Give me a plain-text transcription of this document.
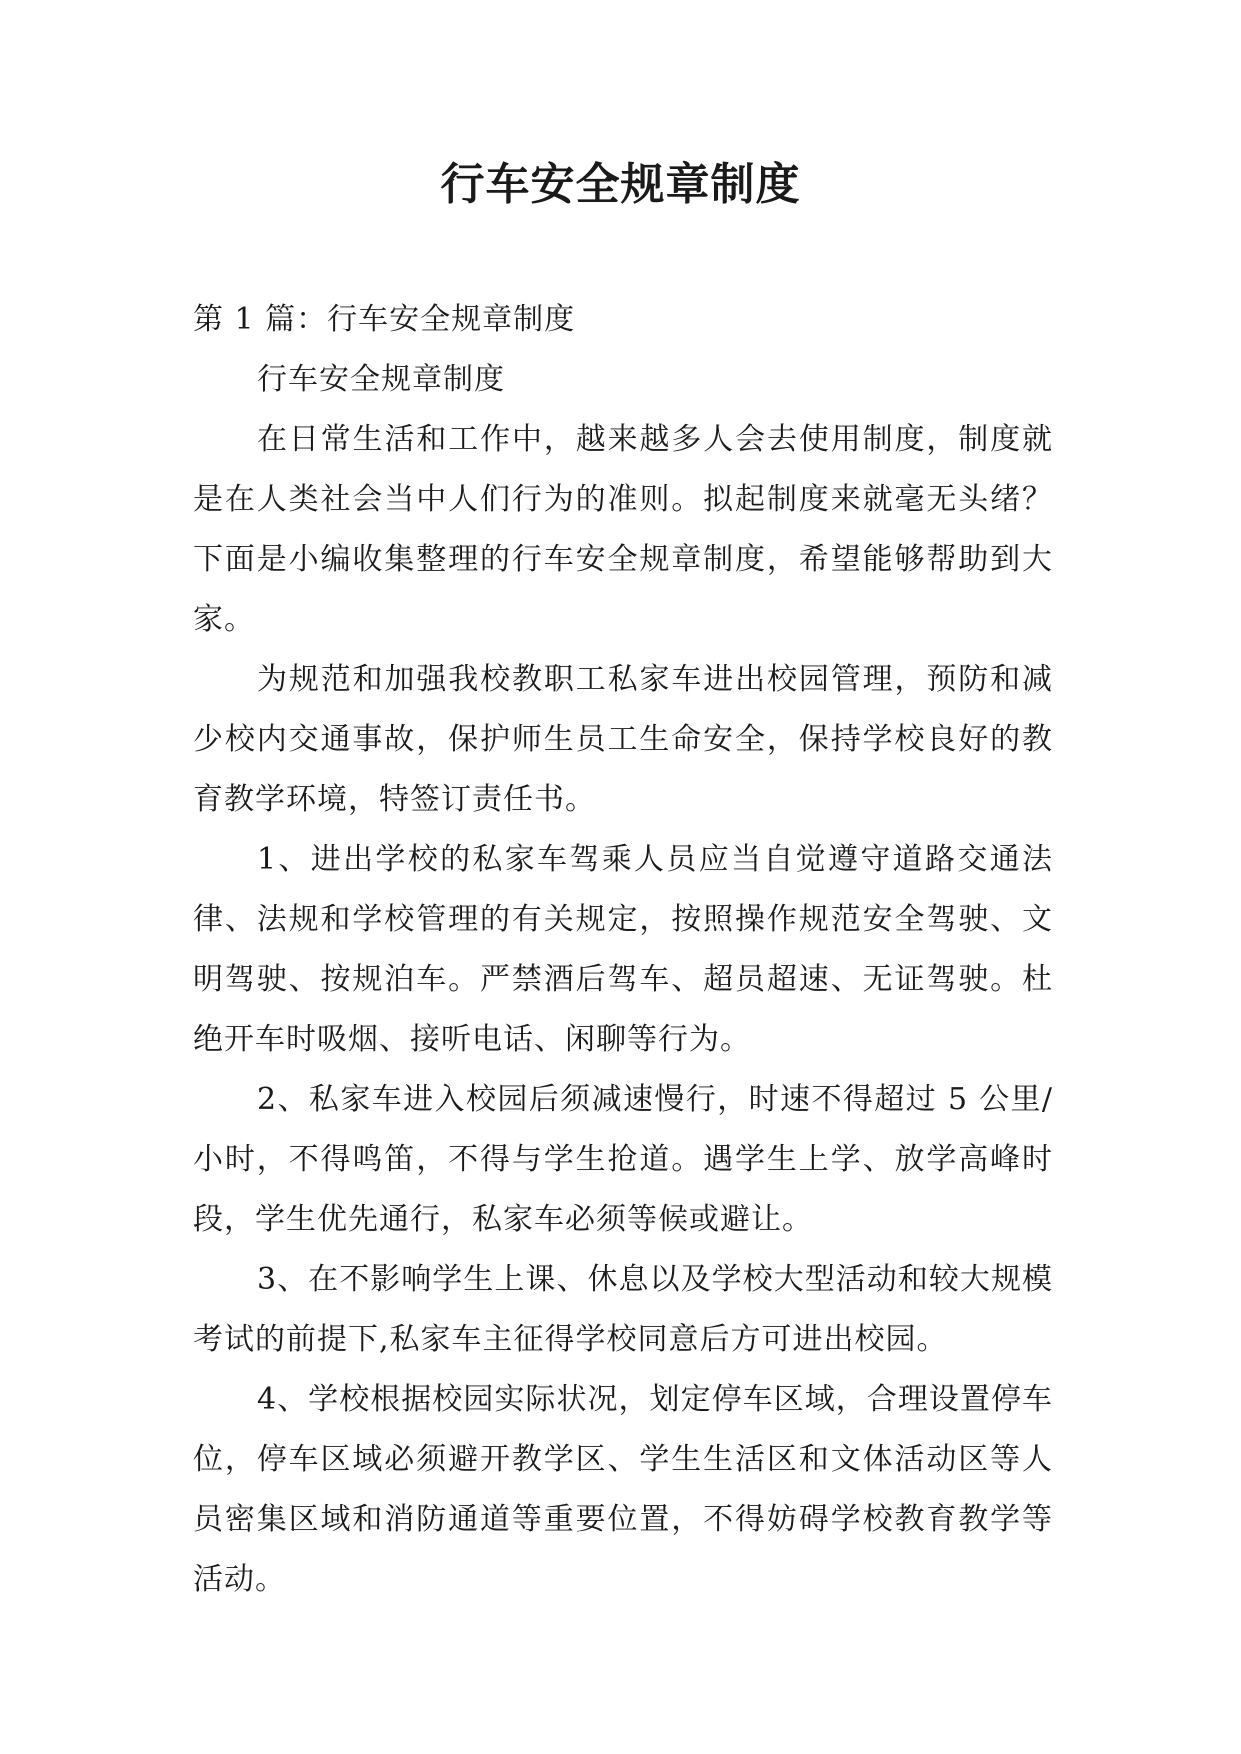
行车安全规章制度

第 1 篇：行车安全规章制度

行车安全规章制度

在日常生活和工作中，越来越多人会去使用制度，制度就是在人类社会当中人们行为的准则。拟起制度来就毫无头绪？下面是小编收集整理的行车安全规章制度，希望能够帮助到大家。

为规范和加强我校教职工私家车进出校园管理，预防和减少校内交通事故，保护师生员工生命安全，保持学校良好的教育教学环境，特签订责任书。

1、进出学校的私家车驾乘人员应当自觉遵守道路交通法律、法规和学校管理的有关规定，按照操作规范安全驾驶、文明驾驶、按规泊车。严禁酒后驾车、超员超速、无证驾驶。杜绝开车时吸烟、接听电话、闲聊等行为。

2、私家车进入校园后须减速慢行，时速不得超过 5 公里/小时，不得鸣笛，不得与学生抢道。遇学生上学、放学高峰时段，学生优先通行，私家车必须等候或避让。

3、在不影响学生上课、休息以及学校大型活动和较大规模考试的前提下,私家车主征得学校同意后方可进出校园。

4、学校根据校园实际状况，划定停车区域，合理设置停车位，停车区域必须避开教学区、学生生活区和文体活动区等人员密集区域和消防通道等重要位置，不得妨碍学校教育教学等活动。
